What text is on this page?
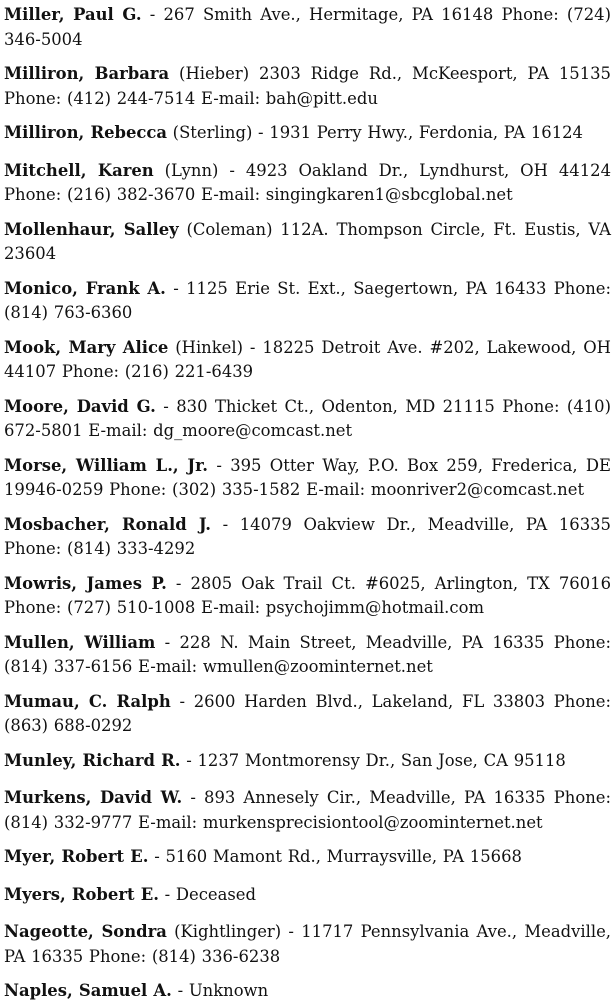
Miller, Paul G. - 267 Smith Ave., Hermitage, PA 16148 Phone: (724) 346-5004

Milliron, Barbara (Hieber) 2303 Ridge Rd., McKeesport, PA 15135 Phone: (412) 244-7514 E-mail: bah@pitt.edu

Milliron, Rebecca (Sterling) - 1931 Perry Hwy., Ferdonia, PA 16124

Mitchell, Karen (Lynn) - 4923 Oakland Dr., Lyndhurst, OH 44124 Phone: (216) 382-3670 E-mail: singingkaren1@sbcglobal.net

Mollenhaur, Salley (Coleman) 112A. Thompson Circle, Ft. Eustis, VA 23604

Monico, Frank A. - 1125 Erie St. Ext., Saegertown, PA 16433 Phone: (814) 763-6360

Mook, Mary Alice (Hinkel) - 18225 Detroit Ave. #202, Lakewood, OH 44107 Phone: (216) 221-6439

Moore, David G. - 830 Thicket Ct., Odenton, MD 21115 Phone: (410) 672-5801 E-mail: dg_moore@comcast.net

Morse, William L., Jr. - 395 Otter Way, P.O. Box 259, Frederica, DE 19946-0259 Phone: (302) 335-1582 E-mail: moonriver2@comcast.net

Mosbacher, Ronald J. - 14079 Oakview Dr., Meadville, PA 16335 Phone: (814) 333-4292

Mowris, James P. - 2805 Oak Trail Ct. #6025, Arlington, TX 76016 Phone: (727) 510-1008 E-mail: psychojimm@hotmail.com

Mullen, William - 228 N. Main Street, Meadville, PA 16335 Phone: (814) 337-6156 E-mail: wmullen@zoominternet.net

Mumau, C. Ralph - 2600 Harden Blvd., Lakeland, FL 33803 Phone: (863) 688-0292

Munley, Richard R. - 1237 Montmorensy Dr., San Jose, CA 95118

Murkens, David W. - 893 Annesely Cir., Meadville, PA 16335 Phone: (814) 332-9777 E-mail: murkensprecisiontool@zoominternet.net

Myer, Robert E. - 5160 Mamont Rd., Murraysville, PA 15668

Myers, Robert E. - Deceased

Nageotte, Sondra (Kightlinger) - 11717 Pennsylvania Ave., Meadville, PA 16335 Phone: (814) 336-6238

Naples, Samuel A. - Unknown
